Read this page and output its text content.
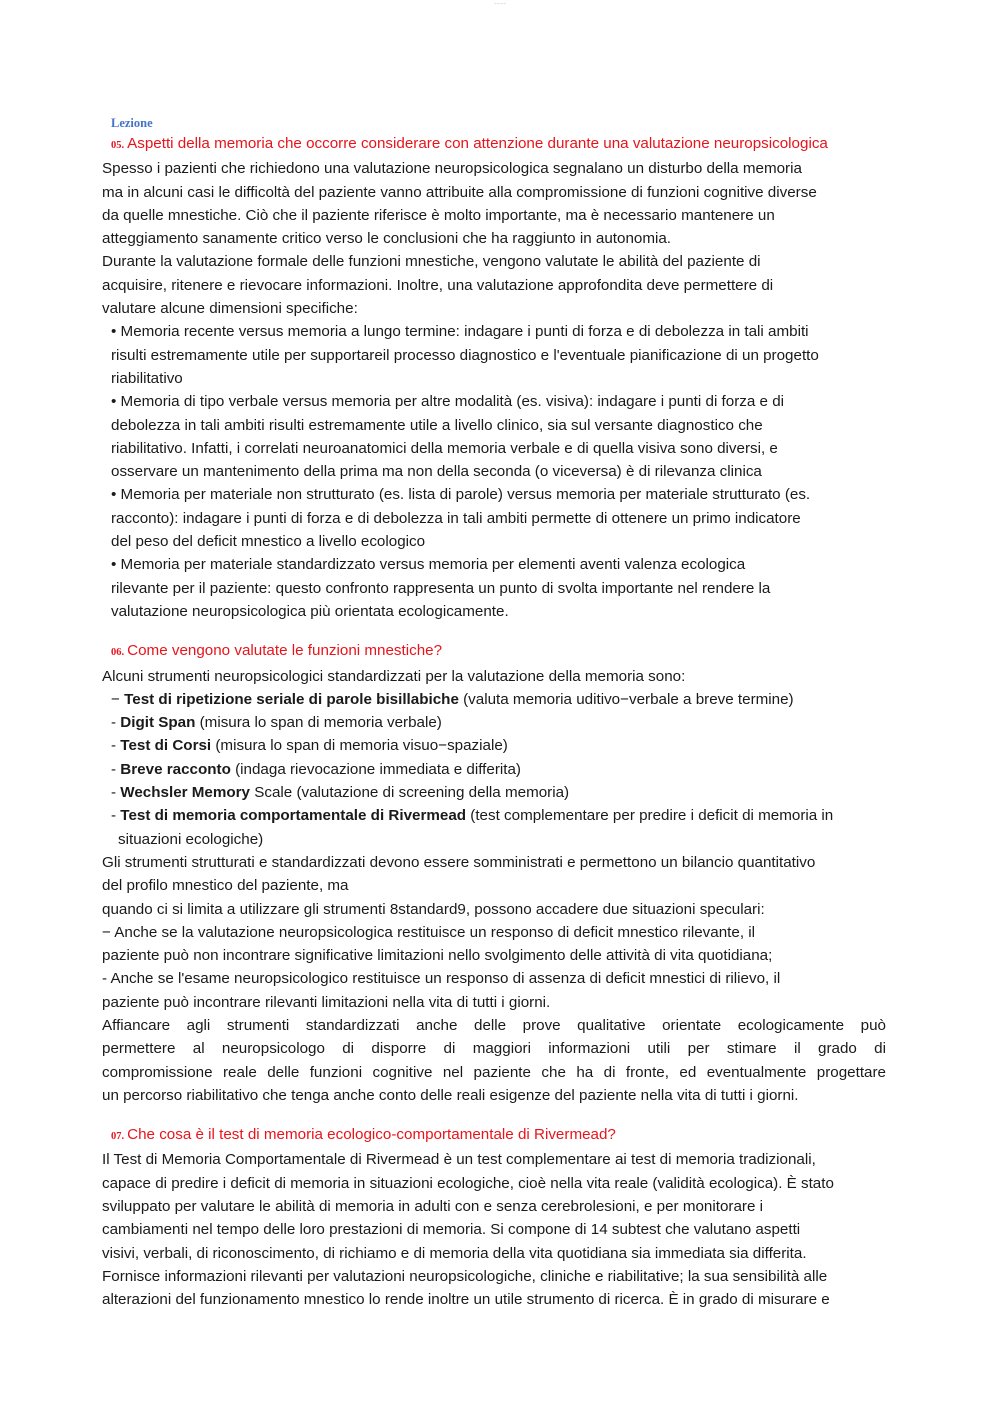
.........
Lezione
05. Aspetti della memoria che occorre considerare con attenzione durante una valutazione neuropsicologica

Spesso i pazienti che richiedono una valutazione neuropsicologica segnalano un disturbo della memoria

ma in alcuni casi le difficoltà del paziente vanno attribuite alla compromissione di funzioni cognitive diverse

da quelle mnestiche. Ciò che il paziente riferisce è molto importante, ma è necessario mantenere un

atteggiamento sanamente critico verso le conclusioni che ha raggiunto in autonomia.

Durante la valutazione formale delle funzioni mnestiche, vengono valutate le abilità del paziente di

acquisire, ritenere e rievocare informazioni. Inoltre, una valutazione approfondita deve permettere di

valutare alcune dimensioni specifiche:

• Memoria recente versus memoria a lungo termine: indagare i punti di forza e di debolezza in tali ambiti

risulti estremamente utile per supportareil processo diagnostico e l'eventuale pianificazione di un progetto

riabilitativo

• Memoria di tipo verbale versus memoria per altre modalità (es. visiva): indagare i punti di forza e di

debolezza in tali ambiti risulti estremamente utile a livello clinico, sia sul versante diagnostico che

riabilitativo. Infatti, i correlati neuroanatomici della memoria verbale e di quella visiva sono diversi, e

osservare un mantenimento della prima ma non della seconda (o viceversa) è di rilevanza clinica

• Memoria per materiale non strutturato (es. lista di parole) versus memoria per materiale strutturato (es.

racconto): indagare i punti di forza e di debolezza in tali ambiti permette di ottenere un primo indicatore

del peso del deficit mnestico a livello ecologico

• Memoria per materiale standardizzato versus memoria per elementi aventi valenza ecologica

rilevante per il paziente: questo confronto rappresenta un punto di svolta importante nel rendere la

valutazione neuropsicologica più orientata ecologicamente.

06. Come vengono valutate le funzioni mnestiche?

Alcuni strumenti neuropsicologici standardizzati per la valutazione della memoria sono:

− Test di ripetizione seriale di parole bisillabiche (valuta memoria uditivo−verbale a breve termine)

- Digit Span (misura lo span di memoria verbale)

- Test di Corsi (misura lo span di memoria visuo−spaziale)

- Breve racconto (indaga rievocazione immediata e differita)

- Wechsler Memory Scale (valutazione di screening della memoria)

- Test di memoria comportamentale di Rivermead (test complementare per predire i deficit di memoria in

situazioni ecologiche)

Gli strumenti strutturati e standardizzati devono essere somministrati e permettono un bilancio quantitativo

del profilo mnestico del paziente, ma

quando ci si limita a utilizzare gli strumenti 8standard9, possono accadere due situazioni speculari:

− Anche se la valutazione neuropsicologica restituisce un responso di deficit mnestico rilevante, il

paziente può non incontrare significative limitazioni nello svolgimento delle attività di vita quotidiana;

- Anche se l'esame neuropsicologico restituisce un responso di assenza di deficit mnestici di rilievo, il

paziente può incontrare rilevanti limitazioni nella vita di tutti i giorni.

Affiancare agli strumenti standardizzati anche delle prove qualitative orientate ecologicamente può

permettere al neuropsicologo di disporre di maggiori informazioni utili per stimare il grado di

compromissione reale delle funzioni cognitive nel paziente che ha di fronte, ed eventualmente progettare

un percorso riabilitativo che tenga anche conto delle reali esigenze del paziente nella vita di tutti i giorni.

07. Che cosa è il test di memoria ecologico-comportamentale di Rivermead?

Il Test di Memoria Comportamentale di Rivermead è un test complementare ai test di memoria tradizionali,

capace di predire i deficit di memoria in situazioni ecologiche, cioè nella vita reale (validità ecologica). È stato

sviluppato per valutare le abilità di memoria in adulti con e senza cerebrolesioni, e per monitorare i

cambiamenti nel tempo delle loro prestazioni di memoria. Si compone di 14 subtest che valutano aspetti

visivi, verbali, di riconoscimento, di richiamo e di memoria della vita quotidiana sia immediata sia differita.

Fornisce informazioni rilevanti per valutazioni neuropsicologiche, cliniche e riabilitative; la sua sensibilità alle

alterazioni del funzionamento mnestico lo rende inoltre un utile strumento di ricerca. È in grado di misurare e
